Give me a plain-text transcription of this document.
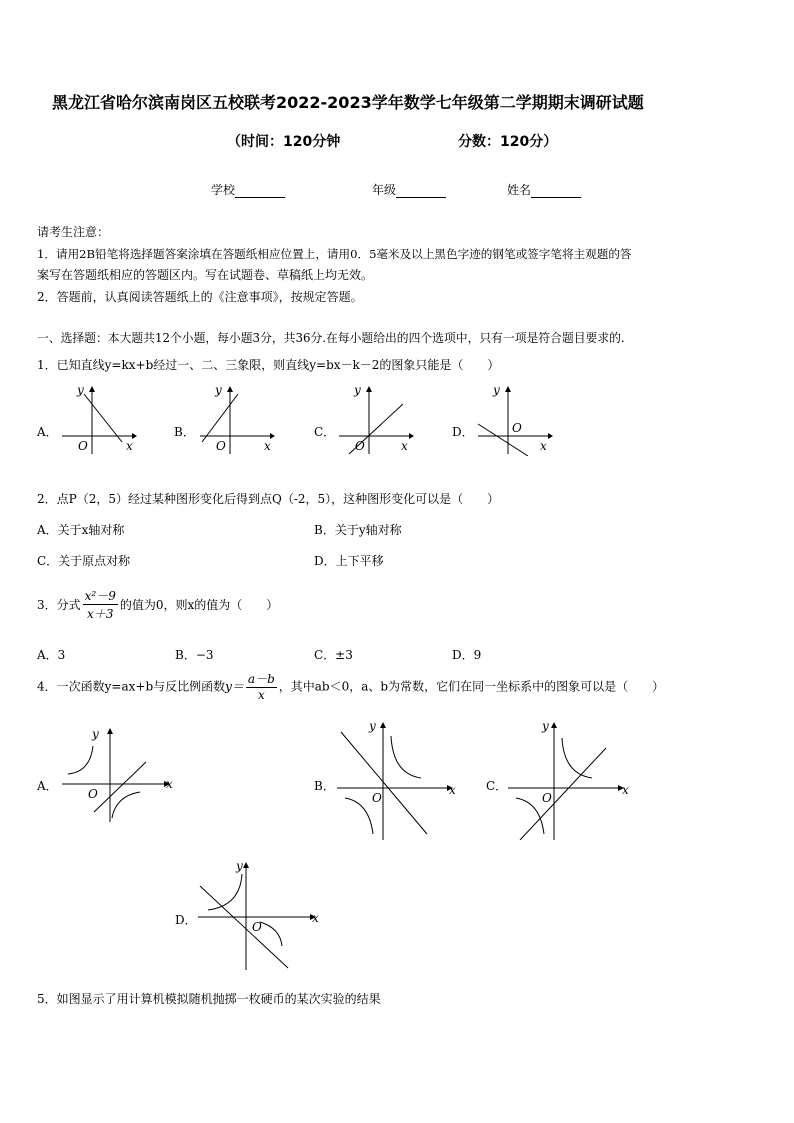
黑龙江省哈尔滨南岗区五校联考2022-2023学年数学七年级第二学期期末调研试题
（时间：120分钟	分数：120分）
学校	年级	姓名
请考生注意：
1．请用2B铅笔将选择题答案涂填在答题纸相应位置上，请用0．5毫米及以上黑色字迹的钢笔或签字笔将主观题的答
案写在答题纸相应的答题区内。写在试题卷、草稿纸上均无效。
2．答题前，认真阅读答题纸上的《注意事项》，按规定答题。
一、选择题：本大题共12个小题，每小题3分，共36分.在每小题给出的四个选项中，只有一项是符合题目要求的.
1．已知直线y=kx+b经过一、二、三象限，则直线y=bx－k－2的图象只能是（　　）
A．
y
x
O
B．
y
x
O
C．
y
x
O
D．
y
x
O
2．点P（2，5）经过某种图形变化后得到点Q（-2，5），这种图形变化可以是（　　）
A．关于x轴对称	B．关于y轴对称
C．关于原点对称	D．上下平移
3．分式 $\frac{\text{x²－9}}{x+3}$ 的值为0，则x的值为（　　）
A．3	B．−3	C．±3	D．9
4．一次函数y=ax+b与反比例函数$y= \frac{a-b}{x}$ ，其中ab＜0，a、b为常数，它们在同一坐标系中的图象可以是（　　）
A．
y
x
O
B．
y
x
O
C．
y
x
O
D．
y
x
O
5．如图显示了用计算机模拟随机抛掷一枚硬币的某次实验的结果
